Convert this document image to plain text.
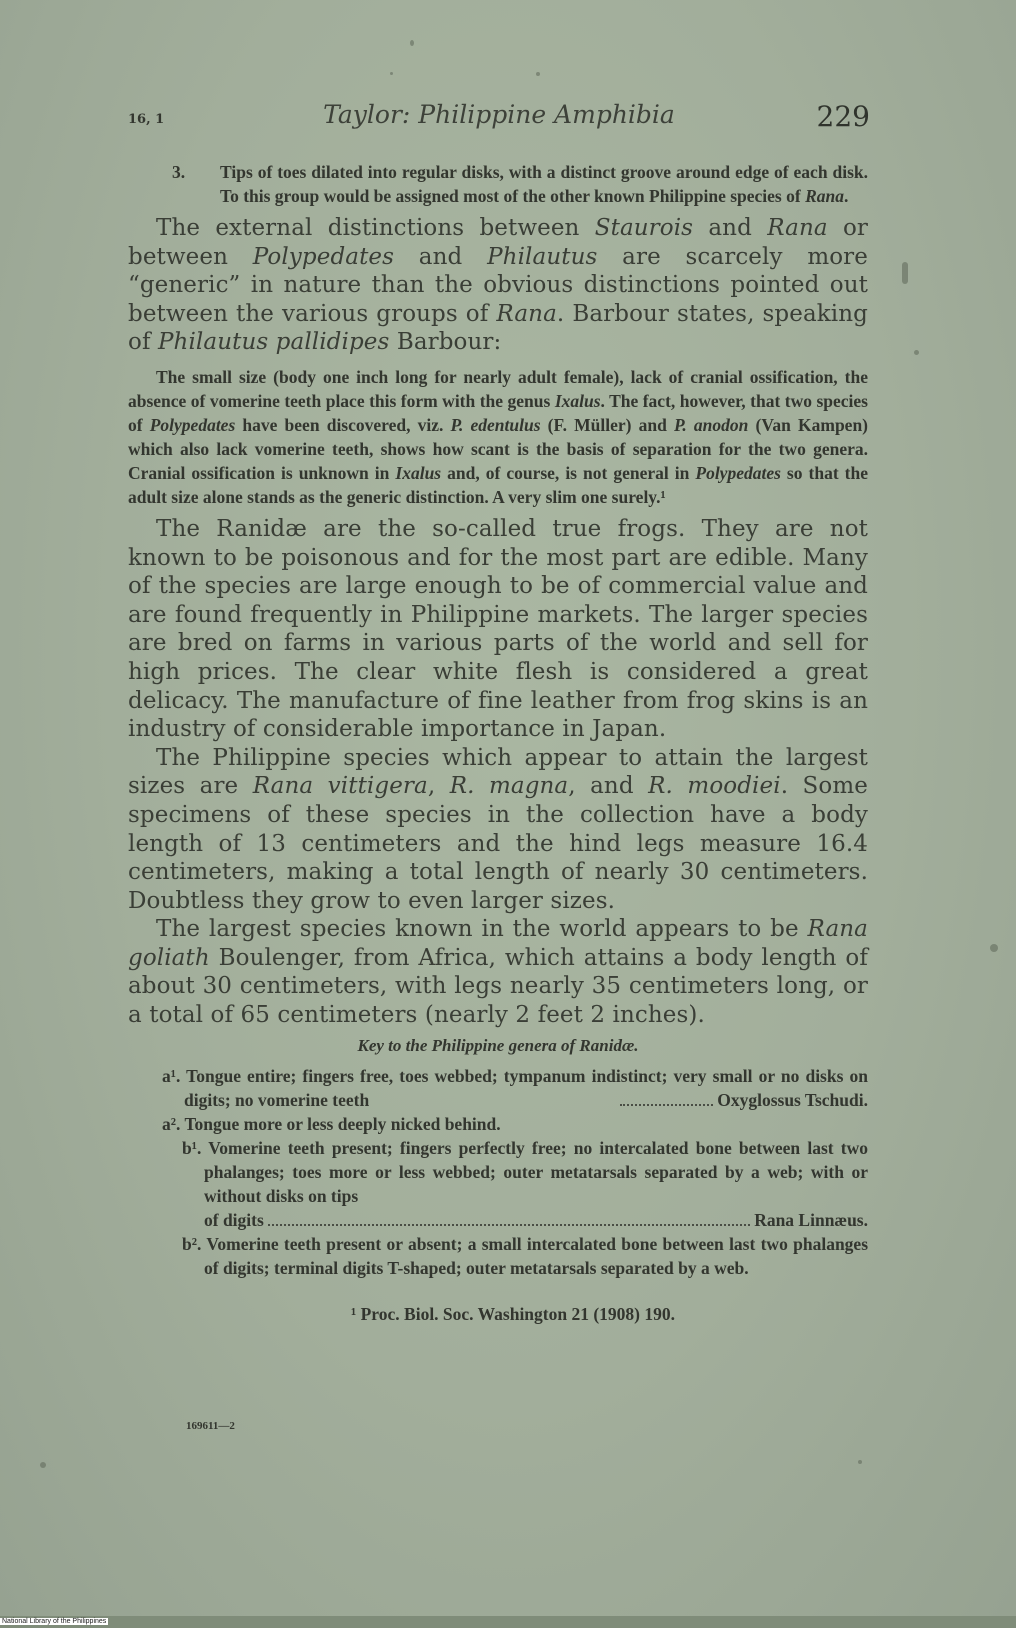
16, 1	Taylor: Philippine Amphibia	229
3. Tips of toes dilated into regular disks, with a distinct groove around edge of each disk. To this group would be assigned most of the other known Philippine species of Rana.

The external distinctions between Staurois and Rana or between Polypedates and Philautus are scarcely more “generic” in nature than the obvious distinctions pointed out between the various groups of Rana. Barbour states, speaking of Philautus pallidipes Barbour:

The small size (body one inch long for nearly adult female), lack of cranial ossification, the absence of vomerine teeth place this form with the genus Ixalus. The fact, however, that two species of Polypedates have been discovered, viz. P. edentulus (F. Müller) and P. anodon (Van Kampen) which also lack vomerine teeth, shows how scant is the basis of separation for the two genera. Cranial ossification is unknown in Ixalus and, of course, is not general in Polypedates so that the adult size alone stands as the generic distinction. A very slim one surely.¹

The Ranidæ are the so-called true frogs. They are not known to be poisonous and for the most part are edible. Many of the species are large enough to be of commercial value and are found frequently in Philippine markets. The larger species are bred on farms in various parts of the world and sell for high prices. The clear white flesh is considered a great delicacy. The manufacture of fine leather from frog skins is an industry of considerable importance in Japan.

The Philippine species which appear to attain the largest sizes are Rana vittigera, R. magna, and R. moodiei. Some specimens of these species in the collection have a body length of 13 centimeters and the hind legs measure 16.4 centimeters, making a total length of nearly 30 centimeters. Doubtless they grow to even larger sizes.

The largest species known in the world appears to be Rana goliath Boulenger, from Africa, which attains a body length of about 30 centimeters, with legs nearly 35 centimeters long, or a total of 65 centimeters (nearly 2 feet 2 inches).

Key to the Philippine genera of Ranidæ.
a¹. Tongue entire; fingers free, toes webbed; tympanum indistinct; very small or no disks on digits; no vomerine teeth	Oxyglossus Tschudi.
a². Tongue more or less deeply nicked behind.
b¹. Vomerine teeth present; fingers perfectly free; no intercalated bone between last two phalanges; toes more or less webbed; outer metatarsals separated by a web; with or without disks on tips
of digits	Rana Linnæus.
b². Vomerine teeth present or absent; a small intercalated bone between last two phalanges of digits; terminal digits T-shaped; outer metatarsals separated by a web.
¹ Proc. Biol. Soc. Washington 21 (1908) 190.
169611—2
National Library of the Philippines
